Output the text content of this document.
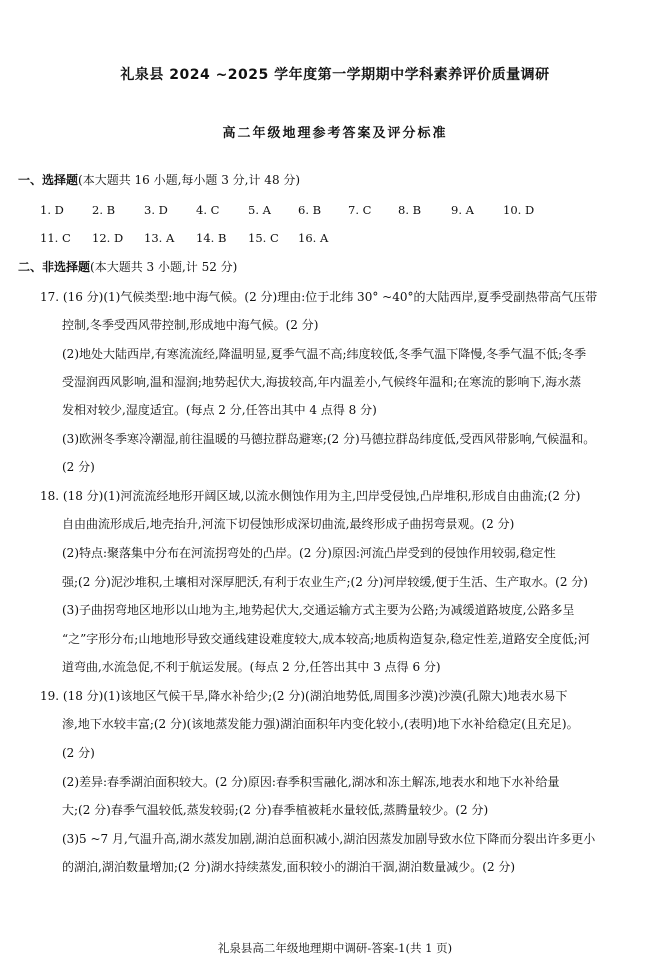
礼泉县 2024 ~2025 学年度第一学期期中学科素养评价质量调研
高二年级地理参考答案及评分标准
一、选择题(本大题共 16 小题,每小题 3 分,计 48 分)
1. D 2. B	3. D 4. C 5. A 6. B 7. C 8. B	9. A	10. D
11. C 12. D 13. A 14. B 15. C 16. A
二、非选择题(本大题共 3 小题,计 52 分)
17. (16 分)(1)气候类型:地中海气候。(2 分)理由:位于北纬 30° ~40°的大陆西岸,夏季受副热带高气压带
控制,冬季受西风带控制,形成地中海气候。(2 分)
(2)地处大陆西岸,有寒流流经,降温明显,夏季气温不高;纬度较低,冬季气温下降慢,冬季气温不低;冬季
受湿润西风影响,温和湿润;地势起伏大,海拔较高,年内温差小,气候终年温和;在寒流的影响下,海水蒸
发相对较少,湿度适宜。(每点 2 分,任答出其中 4 点得 8 分)
(3)欧洲冬季寒冷潮湿,前往温暖的马德拉群岛避寒;(2 分)马德拉群岛纬度低,受西风带影响,气候温和。
(2 分)
18. (18 分)(1)河流流经地形开阔区域,以流水侧蚀作用为主,凹岸受侵蚀,凸岸堆积,形成自由曲流;(2 分)
自由曲流形成后,地壳抬升,河流下切侵蚀形成深切曲流,最终形成子曲拐弯景观。(2 分)
(2)特点:聚落集中分布在河流拐弯处的凸岸。(2 分)原因:河流凸岸受到的侵蚀作用较弱,稳定性
强;(2 分)泥沙堆积,土壤相对深厚肥沃,有利于农业生产;(2 分)河岸较缓,便于生活、生产取水。(2 分)
(3)子曲拐弯地区地形以山地为主,地势起伏大,交通运输方式主要为公路;为减缓道路坡度,公路多呈
“之”字形分布;山地地形导致交通线建设难度较大,成本较高;地质构造复杂,稳定性差,道路安全度低;河
道弯曲,水流急促,不利于航运发展。(每点 2 分,任答出其中 3 点得 6 分)
19. (18 分)(1)该地区气候干旱,降水补给少;(2 分)(湖泊地势低,周围多沙漠)沙漠(孔隙大)地表水易下
渗,地下水较丰富;(2 分)(该地蒸发能力强)湖泊面积年内变化较小,(表明)地下水补给稳定(且充足)。
(2 分)
(2)差异:春季湖泊面积较大。(2 分)原因:春季积雪融化,湖冰和冻土解冻,地表水和地下水补给量
大;(2 分)春季气温较低,蒸发较弱;(2 分)春季植被耗水量较低,蒸腾量较少。(2 分)
(3)5 ~7 月,气温升高,湖水蒸发加剧,湖泊总面积减小,湖泊因蒸发加剧导致水位下降而分裂出许多更小
的湖泊,湖泊数量增加;(2 分)湖水持续蒸发,面积较小的湖泊干涸,湖泊数量减少。(2 分)
礼泉县高二年级地理期中调研-答案-1(共 1 页)
